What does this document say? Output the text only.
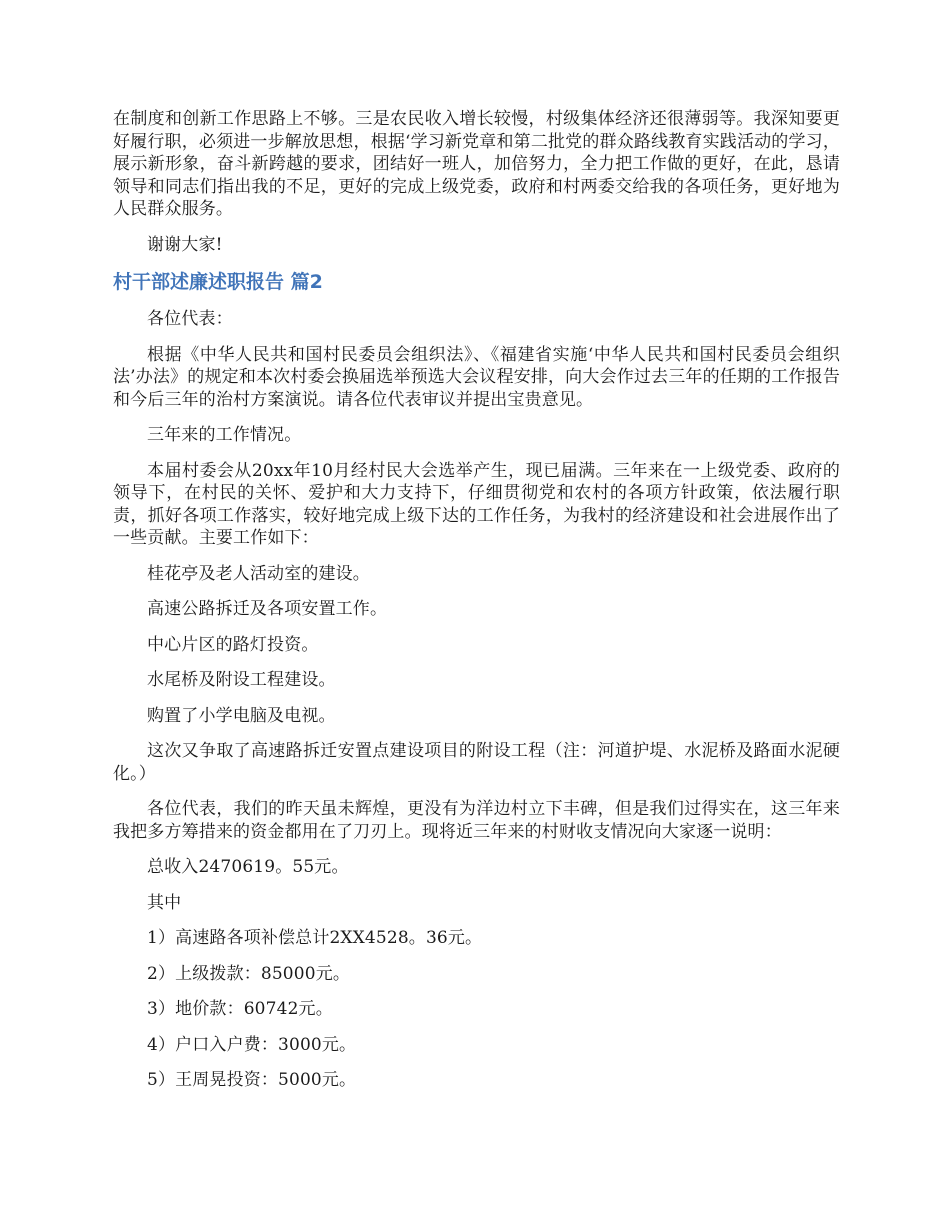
在制度和创新工作思路上不够。三是农民收入增长较慢，村级集体经济还很薄弱等。我深知要更好履行职，必须进一步解放思想，根据‘学习新党章和第二批党的群众路线教育实践活动的学习，展示新形象，奋斗新跨越的要求，团结好一班人，加倍努力，全力把工作做的更好，在此，恳请领导和同志们指出我的不足，更好的完成上级党委，政府和村两委交给我的各项任务，更好地为人民群众服务。

谢谢大家!

村干部述廉述职报告 篇2

各位代表：

根据《中华人民共和国村民委员会组织法》、《福建省实施‘中华人民共和国村民委员会组织法’办法》的规定和本次村委会换届选举预选大会议程安排，向大会作过去三年的任期的工作报告和今后三年的治村方案演说。请各位代表审议并提出宝贵意见。

三年来的工作情况。

本届村委会从20xx年10月经村民大会选举产生，现已届满。三年来在一上级党委、政府的领导下，在村民的关怀、爱护和大力支持下，仔细贯彻党和农村的各项方针政策，依法履行职责，抓好各项工作落实，较好地完成上级下达的工作任务，为我村的经济建设和社会进展作出了一些贡献。主要工作如下：

桂花亭及老人活动室的建设。

高速公路拆迁及各项安置工作。

中心片区的路灯投资。

水尾桥及附设工程建设。

购置了小学电脑及电视。

这次又争取了高速路拆迁安置点建设项目的附设工程（注：河道护堤、水泥桥及路面水泥硬化。）

各位代表，我们的昨天虽未辉煌，更没有为洋边村立下丰碑，但是我们过得实在，这三年来我把多方筹措来的资金都用在了刀刃上。现将近三年来的村财收支情况向大家逐一说明：

总收入2470619。55元。

其中

1）高速路各项补偿总计2XX4528。36元。

2）上级拨款：85000元。

3）地价款：60742元。

4）户口入户费：3000元。

5）王周晃投资：5000元。
